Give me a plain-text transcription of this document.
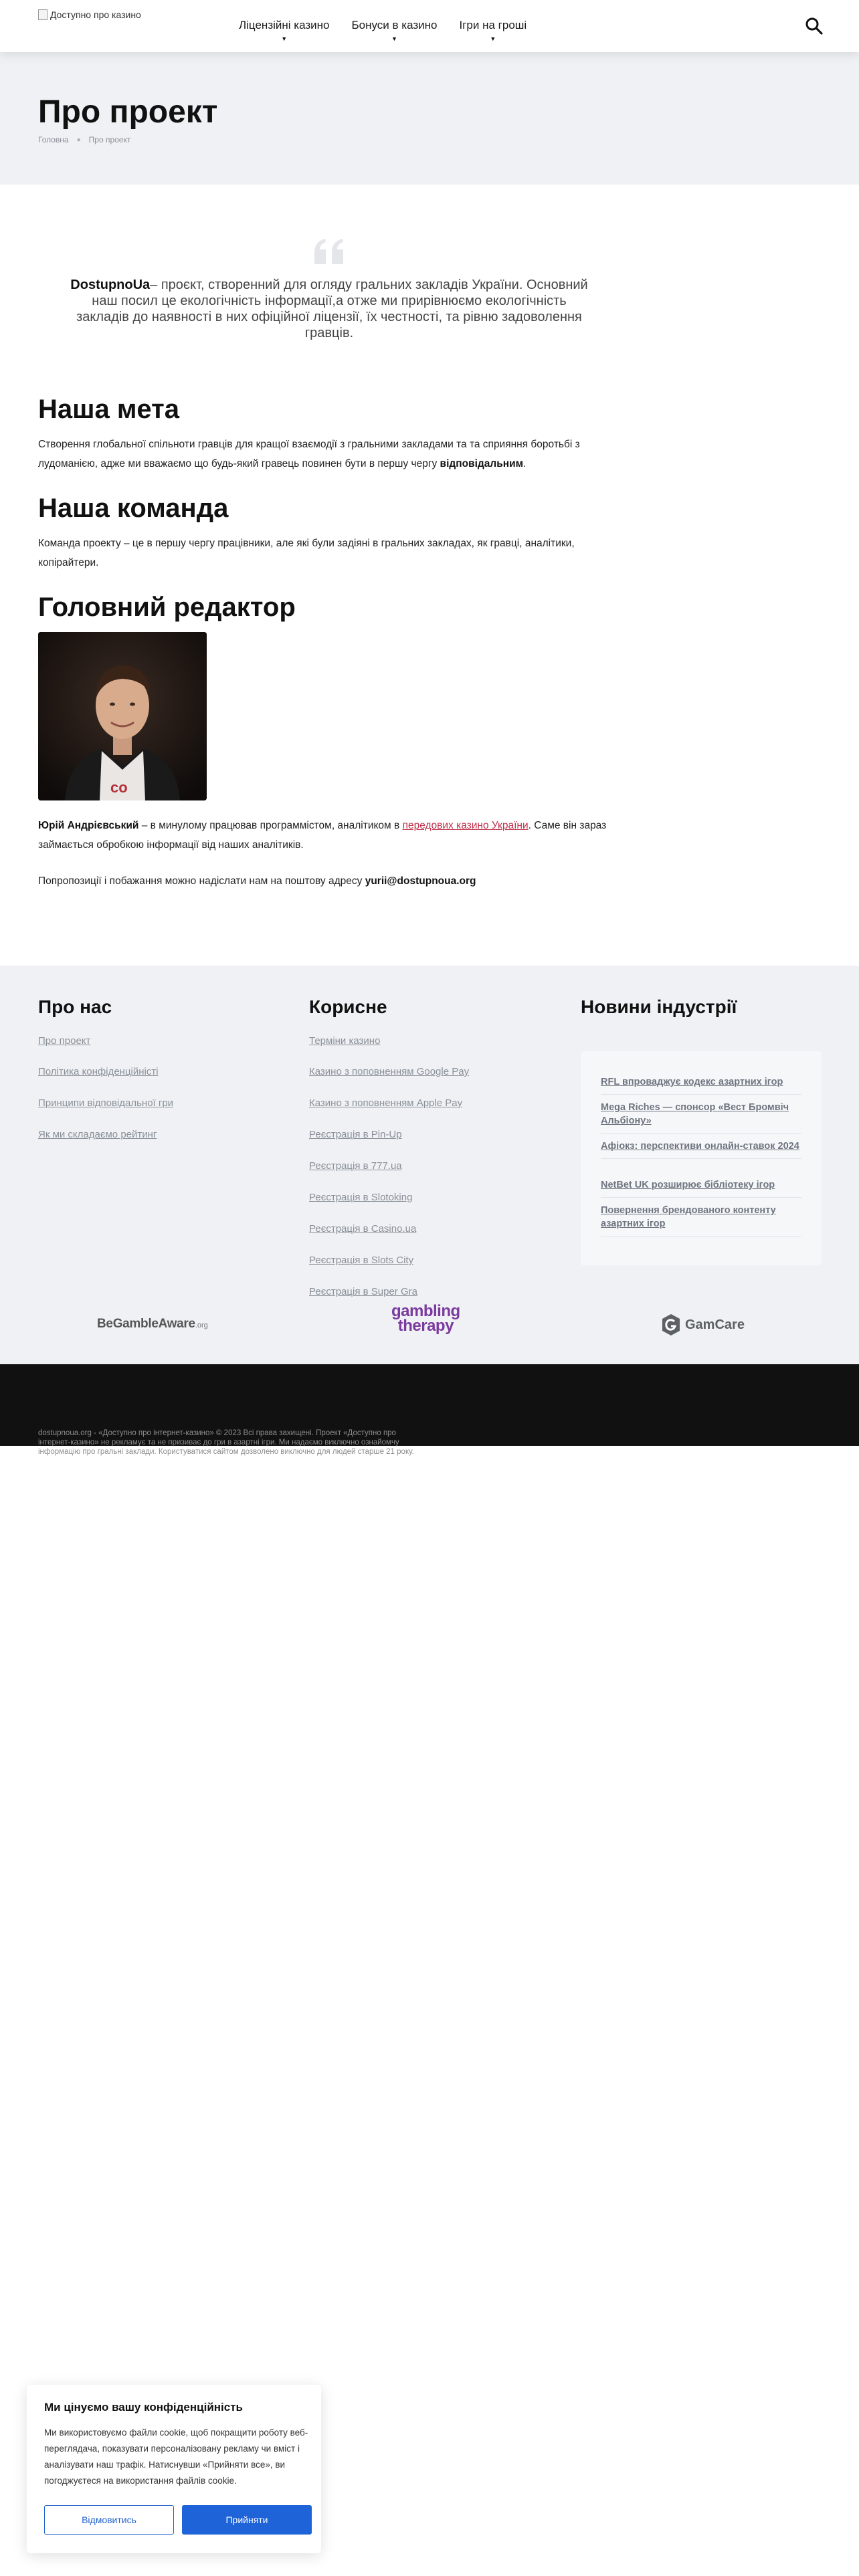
Доступно про казино
Ліцензійні казино
▼
Бонуси в казино
▼
Ігри на гроші
▼
Про проект
Головна ● Про проект

DostupnoUa– проєкт, створенний для огляду гральних закладів України. Основний наш посил це екологічність інформації,а отже ми прирівнюємо екологічність закладів до наявності в них офіційної ліцензії, їх честності, та рівню задоволення гравців.

Наша мета

Створення глобальної спільноти гравців для кращої взаємодії з гральними закладами та та сприяння боротьбі з лудоманією, адже ми вважаємо що будь-який гравець повинен бути в першу чергу відповідальним.

Наша команда

Команда проекту – це в першу чергу працівники, але які були задіяні в гральних закладах, як гравці, аналітики, копірайтери.

Головний редактор
co

Юрій Андрієвський – в минулому працював программістом, аналітиком в передових казино України. Саме він зараз займається обробкою інформації від наших аналітиків.

Попропозиції і побажання можно надіслати нам на поштову адресу yurii@dostupnoua.org

Про нас
Про проект
Політика конфіденційністі
Принципи відповідальної гри
Як ми складаємо рейтинг
Корисне
Терміни казино
Казино з поповненням Google Pay
Казино з поповненням Apple Pay
Реєстрація в Pin-Up
Реєстрація в 777.ua
Реєстрація в Slotoking
Реєстрація в Casino.ua
Реєстрація в Slots City
Реєстрація в Super Gra
Новини індустрії
RFL впроваджує кодекс азартних ігор
Mega Riches — спонсор «Вест Бромвіч Альбіону»
Афіокз: перспективи онлайн-ставок 2024
NetBet UK розширює бібліотеку ігор
Повернення брендованого контенту азартних ігор
BeGambleAware.org
gambling
therapy	GamCare

dostupnoua.org - «Доступно про інтернет-казино» © 2023 Всі права захищені. Проект «Доступно про інтернет-казино» не рекламує та не призиває до гри в азартні ігри. Ми надаємо виключно ознайомчу інформацію про гральні заклади. Користуватися сайтом дозволено виключно для людей старше 21 року.

Ми цінуємо вашу конфіденційність

Ми використовуємо файли cookie, щоб покращити роботу веб-переглядача, показувати персоналізовану рекламу чи вміст і аналізувати наш трафік. Натиснувши «Прийняти все», ви погоджуєтеся на використання файлів cookie.

Відмовитись	Прийняти
